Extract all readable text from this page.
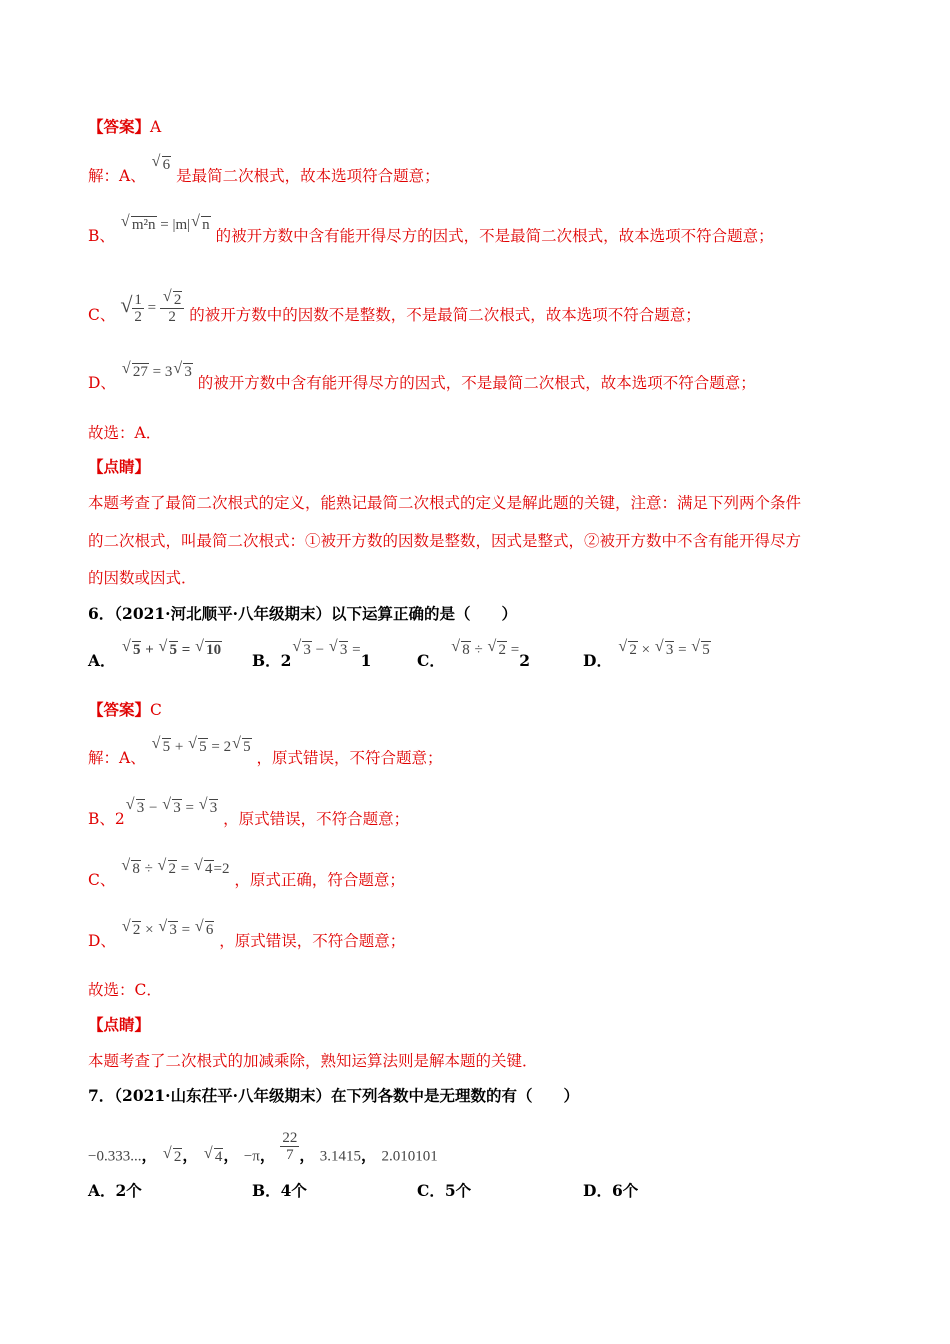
【答案】A
解：A、
√ 6 是最简二次根式，故本选项符合题意；
B、
√ m²n = |m| √ n 的被开方数中含有能开得尽方的因式，不是最简二次根式，故本选项不符合题意；
C、 √ $\frac{1}{2} = \frac{√ 2}{2}$ 的被开方数中的因数不是整数，不是最简二次根式，故本选项不符合题意；
D、
√ 27 = 3 √ 3 的被开方数中含有能开得尽方的因式，不是最简二次根式，故本选项不符合题意；
故选：A．
【点睛】
本题考查了最简二次根式的定义，能熟记最简二次根式的定义是解此题的关键，注意：满足下列两个条件
的二次根式，叫最简二次根式：①被开方数的因数是整数，因式是整式，②被开方数中不含有能开得尽方
的因数或因式．
6．（2021·河北顺平·八年级期末）以下运算正确的是（　　）
A．
√ 5 + √ 5 = √ 10
B．2
√ 3 − √ 3 =1	C．
√ 8 ÷ √ 2 =2	D．
√ 2 × √ 3 = √ 5
【答案】C
解：A、
√ 5 + √ 5 = 2 √ 5 ，原式错误，不符合题意；
B、2
√ 3 − √ 3 = √ 3 ，原式错误，不符合题意；
C、
√ 8 ÷ √ 2 = √ 4=2 ，原式正确，符合题意；
D、
√ 2 × √ 3 = √ 6 ，原式错误，不符合题意；
故选：C．
【点睛】
本题考查了二次根式的加减乘除，熟知运算法则是解本题的关键．
7．（2021·山东茌平·八年级期末）在下列各数中是无理数的有（　　）
−0.333...， √ 2， √ 4， −π， $\frac{22}{7}$ ， 3.1415， 2.010101
A．2个	B．4个	C．5个	D．6个
